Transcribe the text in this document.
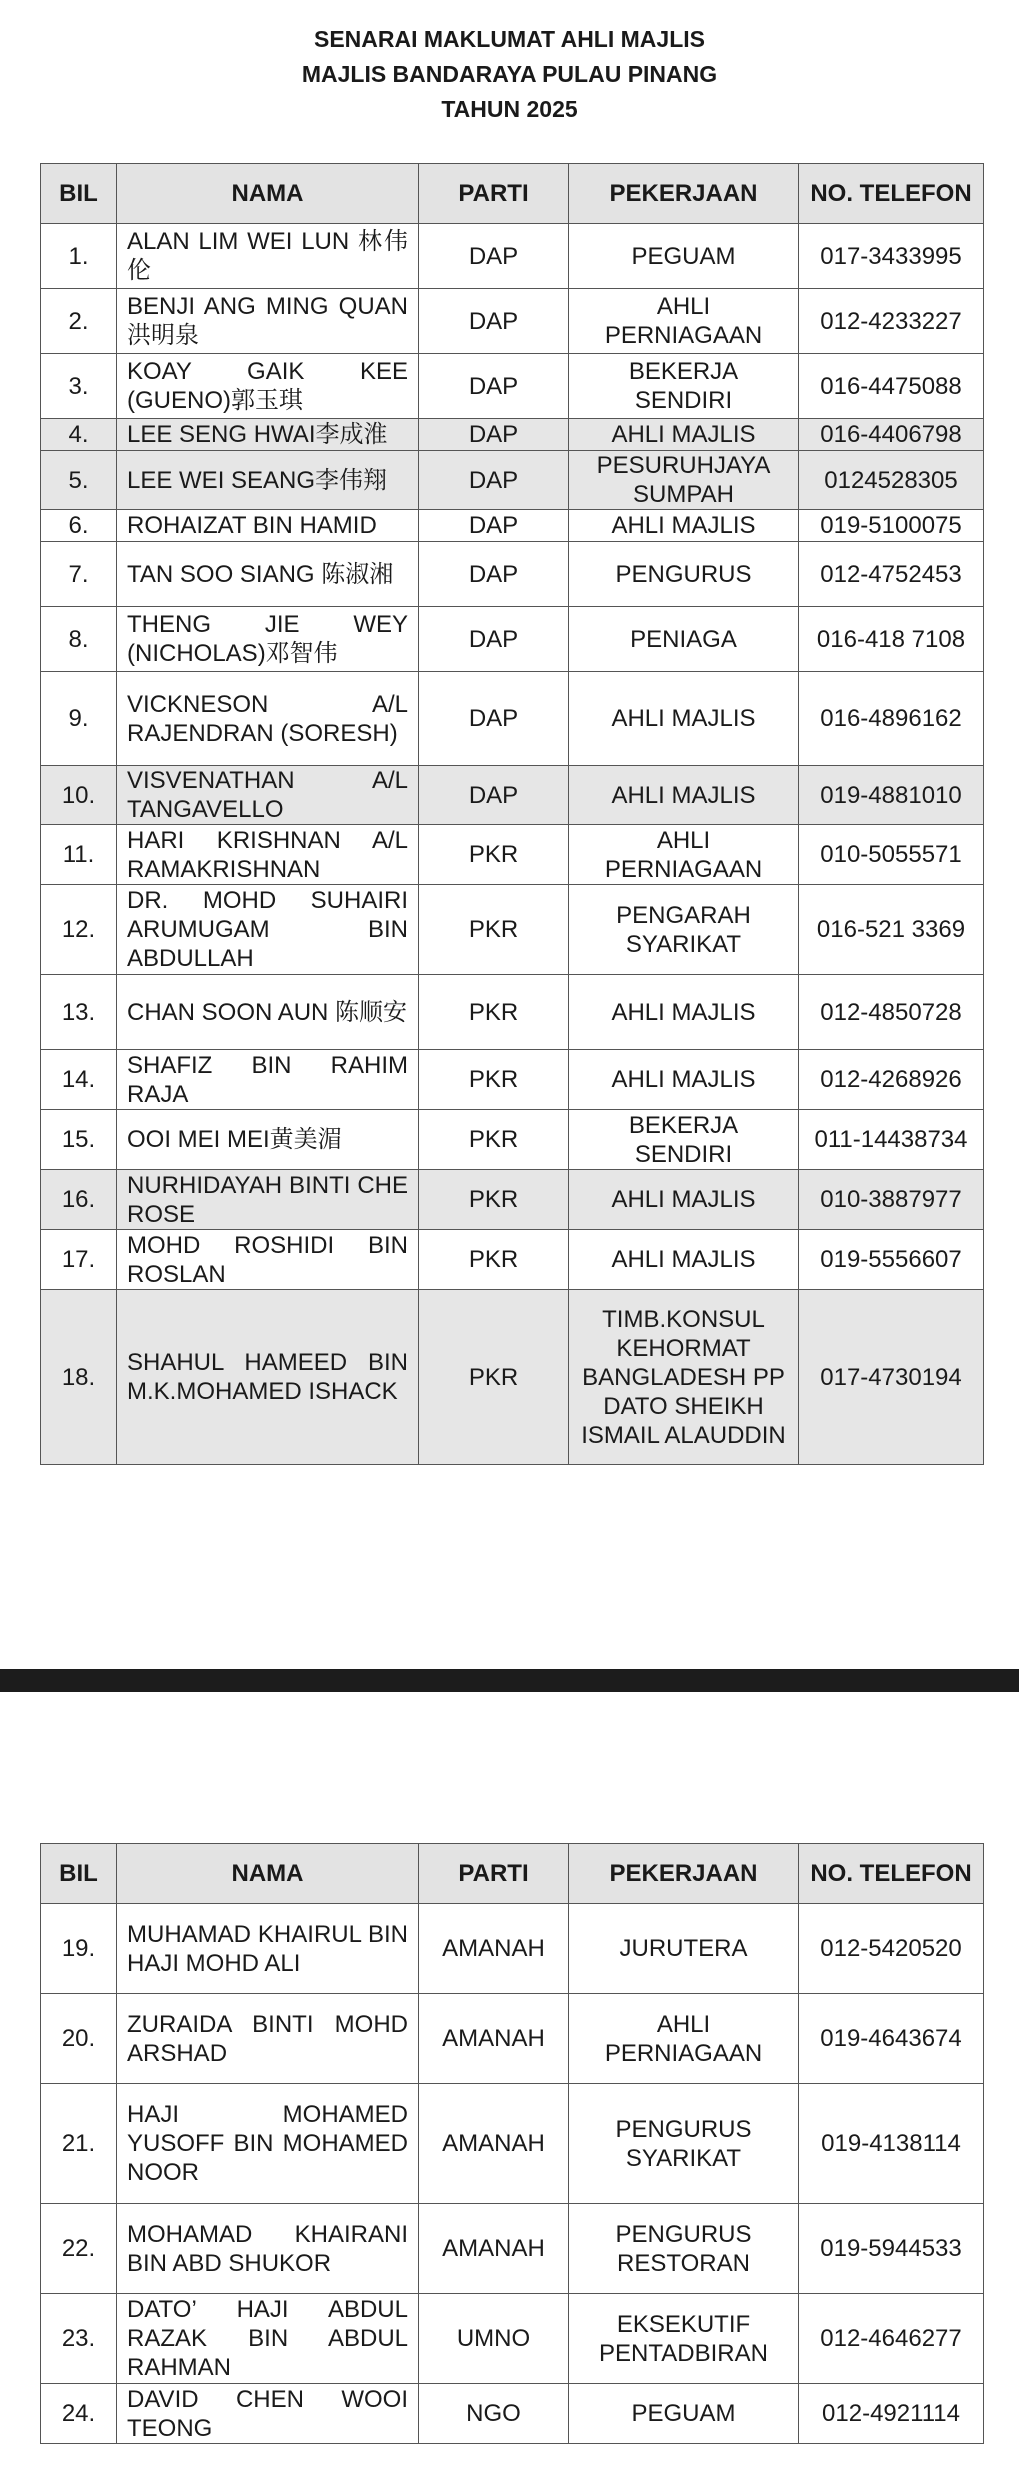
SENARAI MAKLUMAT AHLI MAJLIS
MAJLIS BANDARAYA PULAU PINANG
TAHUN 2025
BIL	NAMA	PARTI	PEKERJAAN	NO. TELEFON
1.	ALAN LIM WEI LUN 林伟伦	DAP	PEGUAM	017-3433995
2.	BENJI ANG MING QUAN洪明泉	DAP	AHLI PERNIAGAAN	012-4233227
3.	KOAY GAIK KEE (GUENO)郭玉琪	DAP	BEKERJA SENDIRI	016-4475088
4.	LEE SENG HWAI李成淮	DAP	AHLI MAJLIS	016-4406798
5.	LEE WEI SEANG李伟翔	DAP	PESURUHJAYA SUMPAH	0124528305
6.	ROHAIZAT BIN HAMID	DAP	AHLI MAJLIS	019-5100075
7.	TAN SOO SIANG 陈淑湘	DAP	PENGURUS	012-4752453
8.	THENG JIE WEY (NICHOLAS)邓智伟	DAP	PENIAGA	016-418 7108
9.	VICKNESON A/L RAJENDRAN (SORESH)	DAP	AHLI MAJLIS	016-4896162
10.	VISVENATHAN A/L TANGAVELLO	DAP	AHLI MAJLIS	019-4881010
11.	HARI KRISHNAN A/L RAMAKRISHNAN	PKR	AHLI PERNIAGAAN	010-5055571
12.	DR. MOHD SUHAIRI ARUMUGAM BIN ABDULLAH	PKR	PENGARAH SYARIKAT	016-521 3369
13.	CHAN SOON AUN 陈顺安	PKR	AHLI MAJLIS	012-4850728
14.	SHAFIZ BIN RAHIM RAJA	PKR	AHLI MAJLIS	012-4268926
15.	OOI MEI MEI黄美湄	PKR	BEKERJA SENDIRI	011-14438734
16.	NURHIDAYAH BINTI CHE ROSE	PKR	AHLI MAJLIS	010-3887977
17.	MOHD ROSHIDI BIN ROSLAN	PKR	AHLI MAJLIS	019-5556607
18.	SHAHUL HAMEED BIN M.K.MOHAMED ISHACK	PKR	TIMB.KONSUL KEHORMAT BANGLADESH PP DATO SHEIKH ISMAIL ALAUDDIN	017-4730194
BIL	NAMA	PARTI	PEKERJAAN	NO. TELEFON
19.	MUHAMAD KHAIRUL BIN HAJI MOHD ALI	AMANAH	JURUTERA	012-5420520
20.	ZURAIDA BINTI MOHD ARSHAD	AMANAH	AHLI PERNIAGAAN	019-4643674
21.	HAJI MOHAMED YUSOFF BIN MOHAMED NOOR	AMANAH	PENGURUS SYARIKAT	019-4138114
22.	MOHAMAD KHAIRANI BIN ABD SHUKOR	AMANAH	PENGURUS RESTORAN	019-5944533
23.	DATO’ HAJI ABDUL RAZAK BIN ABDUL RAHMAN	UMNO	EKSEKUTIF PENTADBIRAN	012-4646277
24.	DAVID CHEN WOOI TEONG	NGO	PEGUAM	012-4921114
